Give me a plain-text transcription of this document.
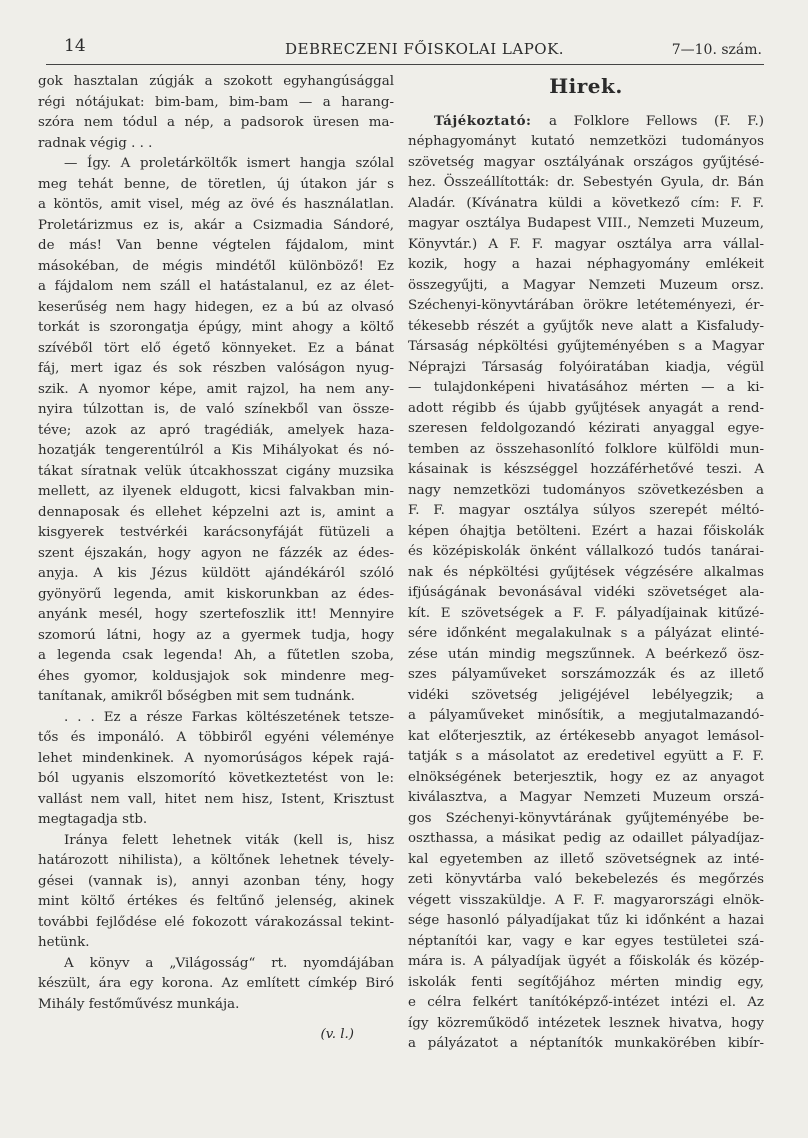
14	DEBRECZENI FŐISKOLAI LAPOK.	7—10. szám.
gok hasztalan zúgják a szokott egyhangúsággal
régi nótájukat: bim-bam, bim-bam — a harang-
szóra nem tódul a nép, a padsorok üresen ma-
radnak végig . . .
— Így. A proletárköltők ismert hangja szólal
meg tehát benne, de töretlen, új útakon jár s
a köntös, amit visel, még az övé és használatlan.
Proletárizmus ez is, akár a Csizmadia Sándoré,
de más! Van benne végtelen fájdalom, mint
másokéban, de mégis mindétől különböző! Ez
a fájdalom nem száll el hatástalanul, ez az élet-
keserűség nem hagy hidegen, ez a bú az olvasó
torkát is szorongatja épúgy, mint ahogy a költő
szívéből tört elő égető könnyeket. Ez a bánat
fáj, mert igaz és sok részben valóságon nyug-
szik. A nyomor képe, amit rajzol, ha nem any-
nyira túlzottan is, de való színekből van össze-
téve; azok az apró tragédiák, amelyek haza-
hozatják tengerentúlról a Kis Mihályokat és nó-
tákat síratnak velük útcakhosszat cigány muzsika
mellett, az ilyenek eldugott, kicsi falvakban min-
dennaposak és ellehet képzelni azt is, amint a
kisgyerek testvérkéi karácsonyfáját fütüzeli a
szent éjszakán, hogy agyon ne fázzék az édes-
anyja. A kis Jézus küldött ajándékáról szóló
gyönyörű legenda, amit kiskorunkban az édes-
anyánk mesél, hogy szertefoszlik itt! Mennyire
szomorú látni, hogy az a gyermek tudja, hogy
a legenda csak legenda! Ah, a fűtetlen szoba,
éhes gyomor, koldusjajok sok mindenre meg-
tanítanak, amikről bőségben mit sem tudnánk.
. . . Ez a része Farkas költészetének tetsze-
tős és imponáló. A többiről egyéni véleménye
lehet mindenkinek. A nyomorúságos képek rajá-
ból ugyanis elszomorító következtetést von le:
vallást nem vall, hitet nem hisz, Istent, Krisztust
megtagadja stb.
Iránya felett lehetnek viták (kell is, hisz
határozott nihilista), a költőnek lehetnek tévely-
gései (vannak is), annyi azonban tény, hogy
mint költő értékes és feltűnő jelenség, akinek
további fejlődése elé fokozott várakozással tekint-
hetünk.
A könyv a „Világosság“ rt. nyomdájában
készült, ára egy korona. Az említett címkép Biró
Mihály festőművész munkája.

(v. l.)

Hirek.
Tájékoztató: a Folklore Fellows (F. F.)
néphagyományt kutató nemzetközi tudományos
szövetség magyar osztályának országos gyűjtésé-
hez. Összeállították: dr. Sebestyén Gyula, dr. Bán
Aladár. (Kívánatra küldi a következő cím: F. F.
magyar osztálya Budapest VIII., Nemzeti Muzeum,
Könyvtár.) A F. F. magyar osztálya arra vállal-
kozik, hogy a hazai néphagyomány emlékeit
összegyűjti, a Magyar Nemzeti Muzeum orsz.
Széchenyi-könyvtárában örökre letéteményezi, ér-
tékesebb részét a gyűjtők neve alatt a Kisfaludy-
Társaság népköltési gyűjteményében s a Magyar
Néprajzi Társaság folyóiratában kiadja, végül
— tulajdonképeni hivatásához mérten — a ki-
adott régibb és újabb gyűjtések anyagát a rend-
szeresen feldolgozandó kézirati anyaggal egye-
temben az összehasonlító folklore külföldi mun-
kásainak is készséggel hozzáférhetővé teszi. A
nagy nemzetközi tudományos szövetkezésben a
F. F. magyar osztálya súlyos szerepét méltó-
képen óhajtja betölteni. Ezért a hazai főiskolák
és középiskolák önként vállalkozó tudós tanárai-
nak és népköltési gyűjtések végzésére alkalmas
ifjúságának bevonásával vidéki szövetséget ala-
kít. E szövetségek a F. F. pályadíjainak kitűzé-
sére időnként megalakulnak s a pályázat elinté-
zése után mindig megszűnnek. A beérkező ösz-
szes pályaműveket sorszámozzák és az illető
vidéki szövetség jeligéjével lebélyegzik; a
a pályaműveket minősítik, a megjutalmazandó-
kat előterjesztik, az értékesebb anyagot lemásol-
tatják s a másolatot az eredetivel együtt a F. F.
elnökségének beterjesztik, hogy ez az anyagot
kiválasztva, a Magyar Nemzeti Muzeum orszá-
gos Széchenyi-könyvtárának gyűjteményébe be-
oszthassa, a másikat pedig az odaillet pályadíjaz-
kal egyetemben az illető szövetségnek az inté-
zeti könyvtárba való bekebelezés és megőrzés
végett visszaküldje. A F. F. magyarországi elnök-
sége hasonló pályadíjakat tűz ki időnként a hazai
néptanítói kar, vagy e kar egyes testületei szá-
mára is. A pályadíjak ügyét a főiskolák és közép-
iskolák fenti segítőjához mérten mindig egy,
e célra felkért tanítóképző-intézet intézi el. Az
így közreműködő intézetek lesznek hivatva, hogy
a pályázatot a néptanítók munkakörében kibír-
